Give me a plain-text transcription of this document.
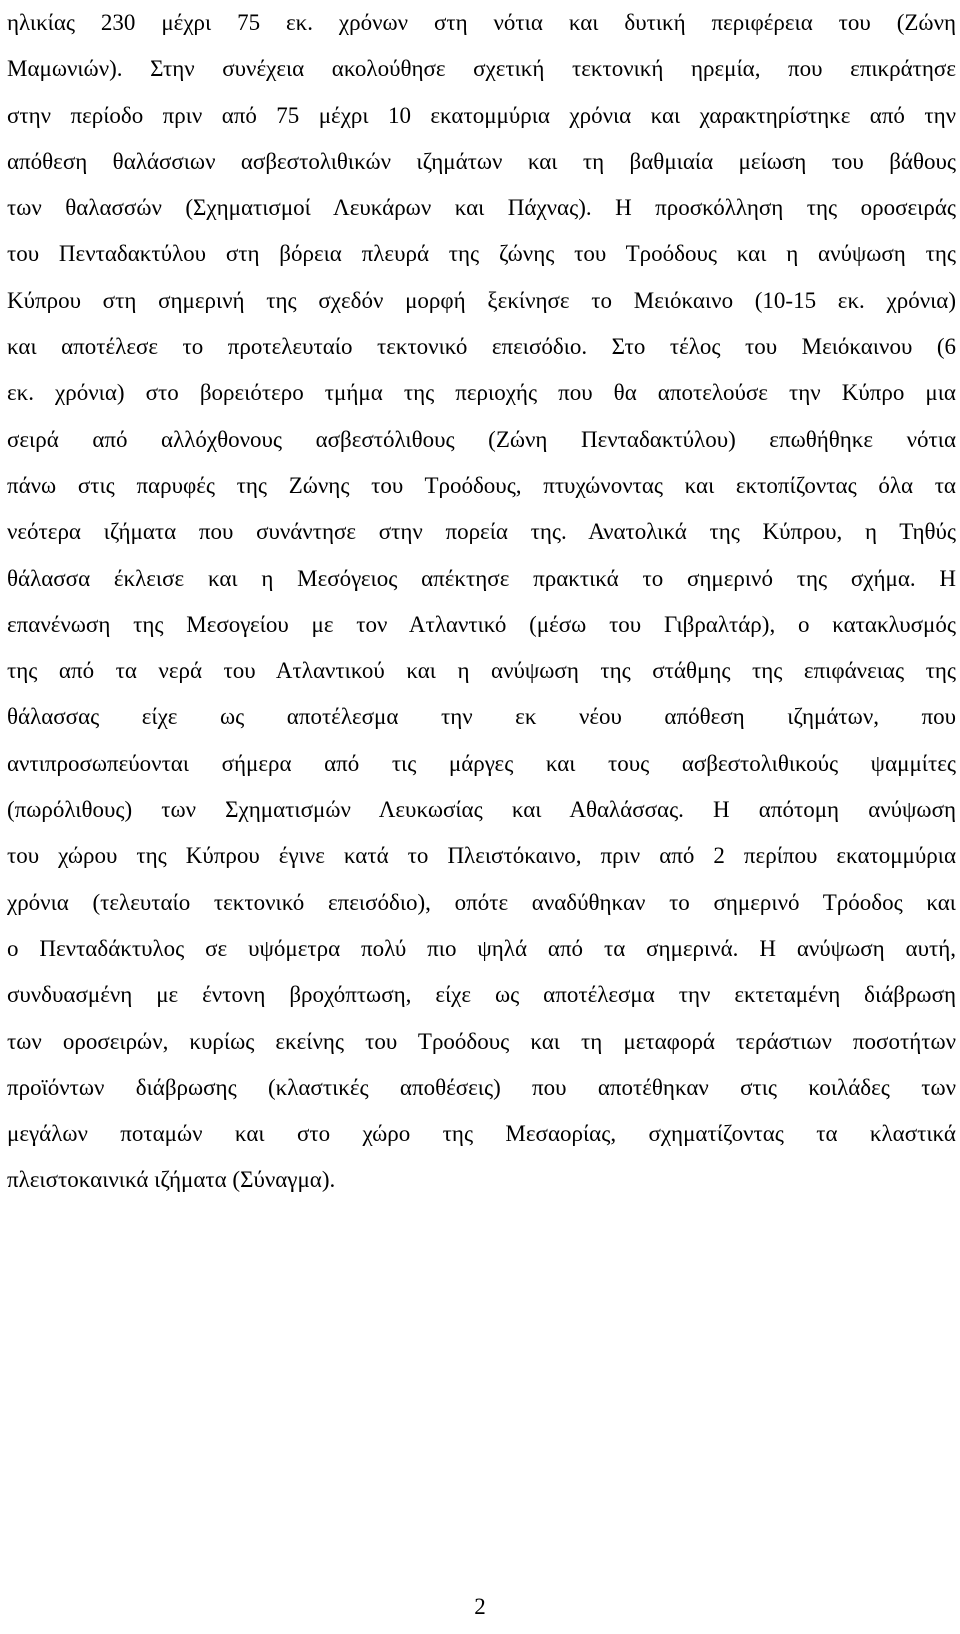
ηλικίας 230 μέχρι 75 εκ. χρόνων στη νότια και δυτική περιφέρεια του (Ζώνη
Μαμωνιών). Στην συνέχεια ακολούθησε σχετική τεκτονική ηρεμία, που επικράτησε
στην περίοδο πριν από 75 μέχρι 10 εκατομμύρια χρόνια και χαρακτηρίστηκε από την
απόθεση θαλάσσιων ασβεστολιθικών ιζημάτων και τη βαθμιαία μείωση του βάθους
των θαλασσών (Σχηματισμοί Λευκάρων και Πάχνας). Η προσκόλληση της οροσειράς
του Πενταδακτύλου στη βόρεια πλευρά της ζώνης του Τροόδους και η ανύψωση της
Κύπρου στη σημερινή της σχεδόν μορφή ξεκίνησε το Μειόκαινο (10-15 εκ. χρόνια)
και αποτέλεσε το προτελευταίο τεκτονικό επεισόδιο. Στο τέλος του Μειόκαινου (6
εκ. χρόνια) στο βορειότερο τμήμα της περιοχής που θα αποτελούσε την Κύπρο μια
σειρά από αλλόχθονους ασβεστόλιθους (Ζώνη Πενταδακτύλου) επωθήθηκε νότια
πάνω στις παρυφές της Ζώνης του Τροόδους, πτυχώνοντας και εκτοπίζοντας όλα τα
νεότερα ιζήματα που συνάντησε στην πορεία της. Ανατολικά της Κύπρου, η Τηθύς
θάλασσα έκλεισε και η Μεσόγειος απέκτησε πρακτικά το σημερινό της σχήμα. Η
επανένωση της Μεσογείου με τον Ατλαντικό (μέσω του Γιβραλτάρ), ο κατακλυσμός
της από τα νερά του Ατλαντικού και η ανύψωση της στάθμης της επιφάνειας της
θάλασσας είχε ως αποτέλεσμα την εκ νέου απόθεση ιζημάτων, που
αντιπροσωπεύονται σήμερα από τις μάργες και τους ασβεστολιθικούς ψαμμίτες
(πωρόλιθους) των Σχηματισμών Λευκωσίας και Αθαλάσσας. Η απότομη ανύψωση
του χώρου της Κύπρου έγινε κατά το Πλειστόκαινο, πριν από 2 περίπου εκατομμύρια
χρόνια (τελευταίο τεκτονικό επεισόδιο), οπότε αναδύθηκαν το σημερινό Τρόοδος και
ο Πενταδάκτυλος σε υψόμετρα πολύ πιο ψηλά από τα σημερινά. Η ανύψωση αυτή,
συνδυασμένη με έντονη βροχόπτωση, είχε ως αποτέλεσμα την εκτεταμένη διάβρωση
των οροσειρών, κυρίως εκείνης του Τροόδους και τη μεταφορά τεράστιων ποσοτήτων
προϊόντων διάβρωσης (κλαστικές αποθέσεις) που αποτέθηκαν στις κοιλάδες των
μεγάλων ποταμών και στο χώρο της Μεσαορίας, σχηματίζοντας τα κλαστικά
πλειστοκαινικά ιζήματα (Σύναγμα).
2
